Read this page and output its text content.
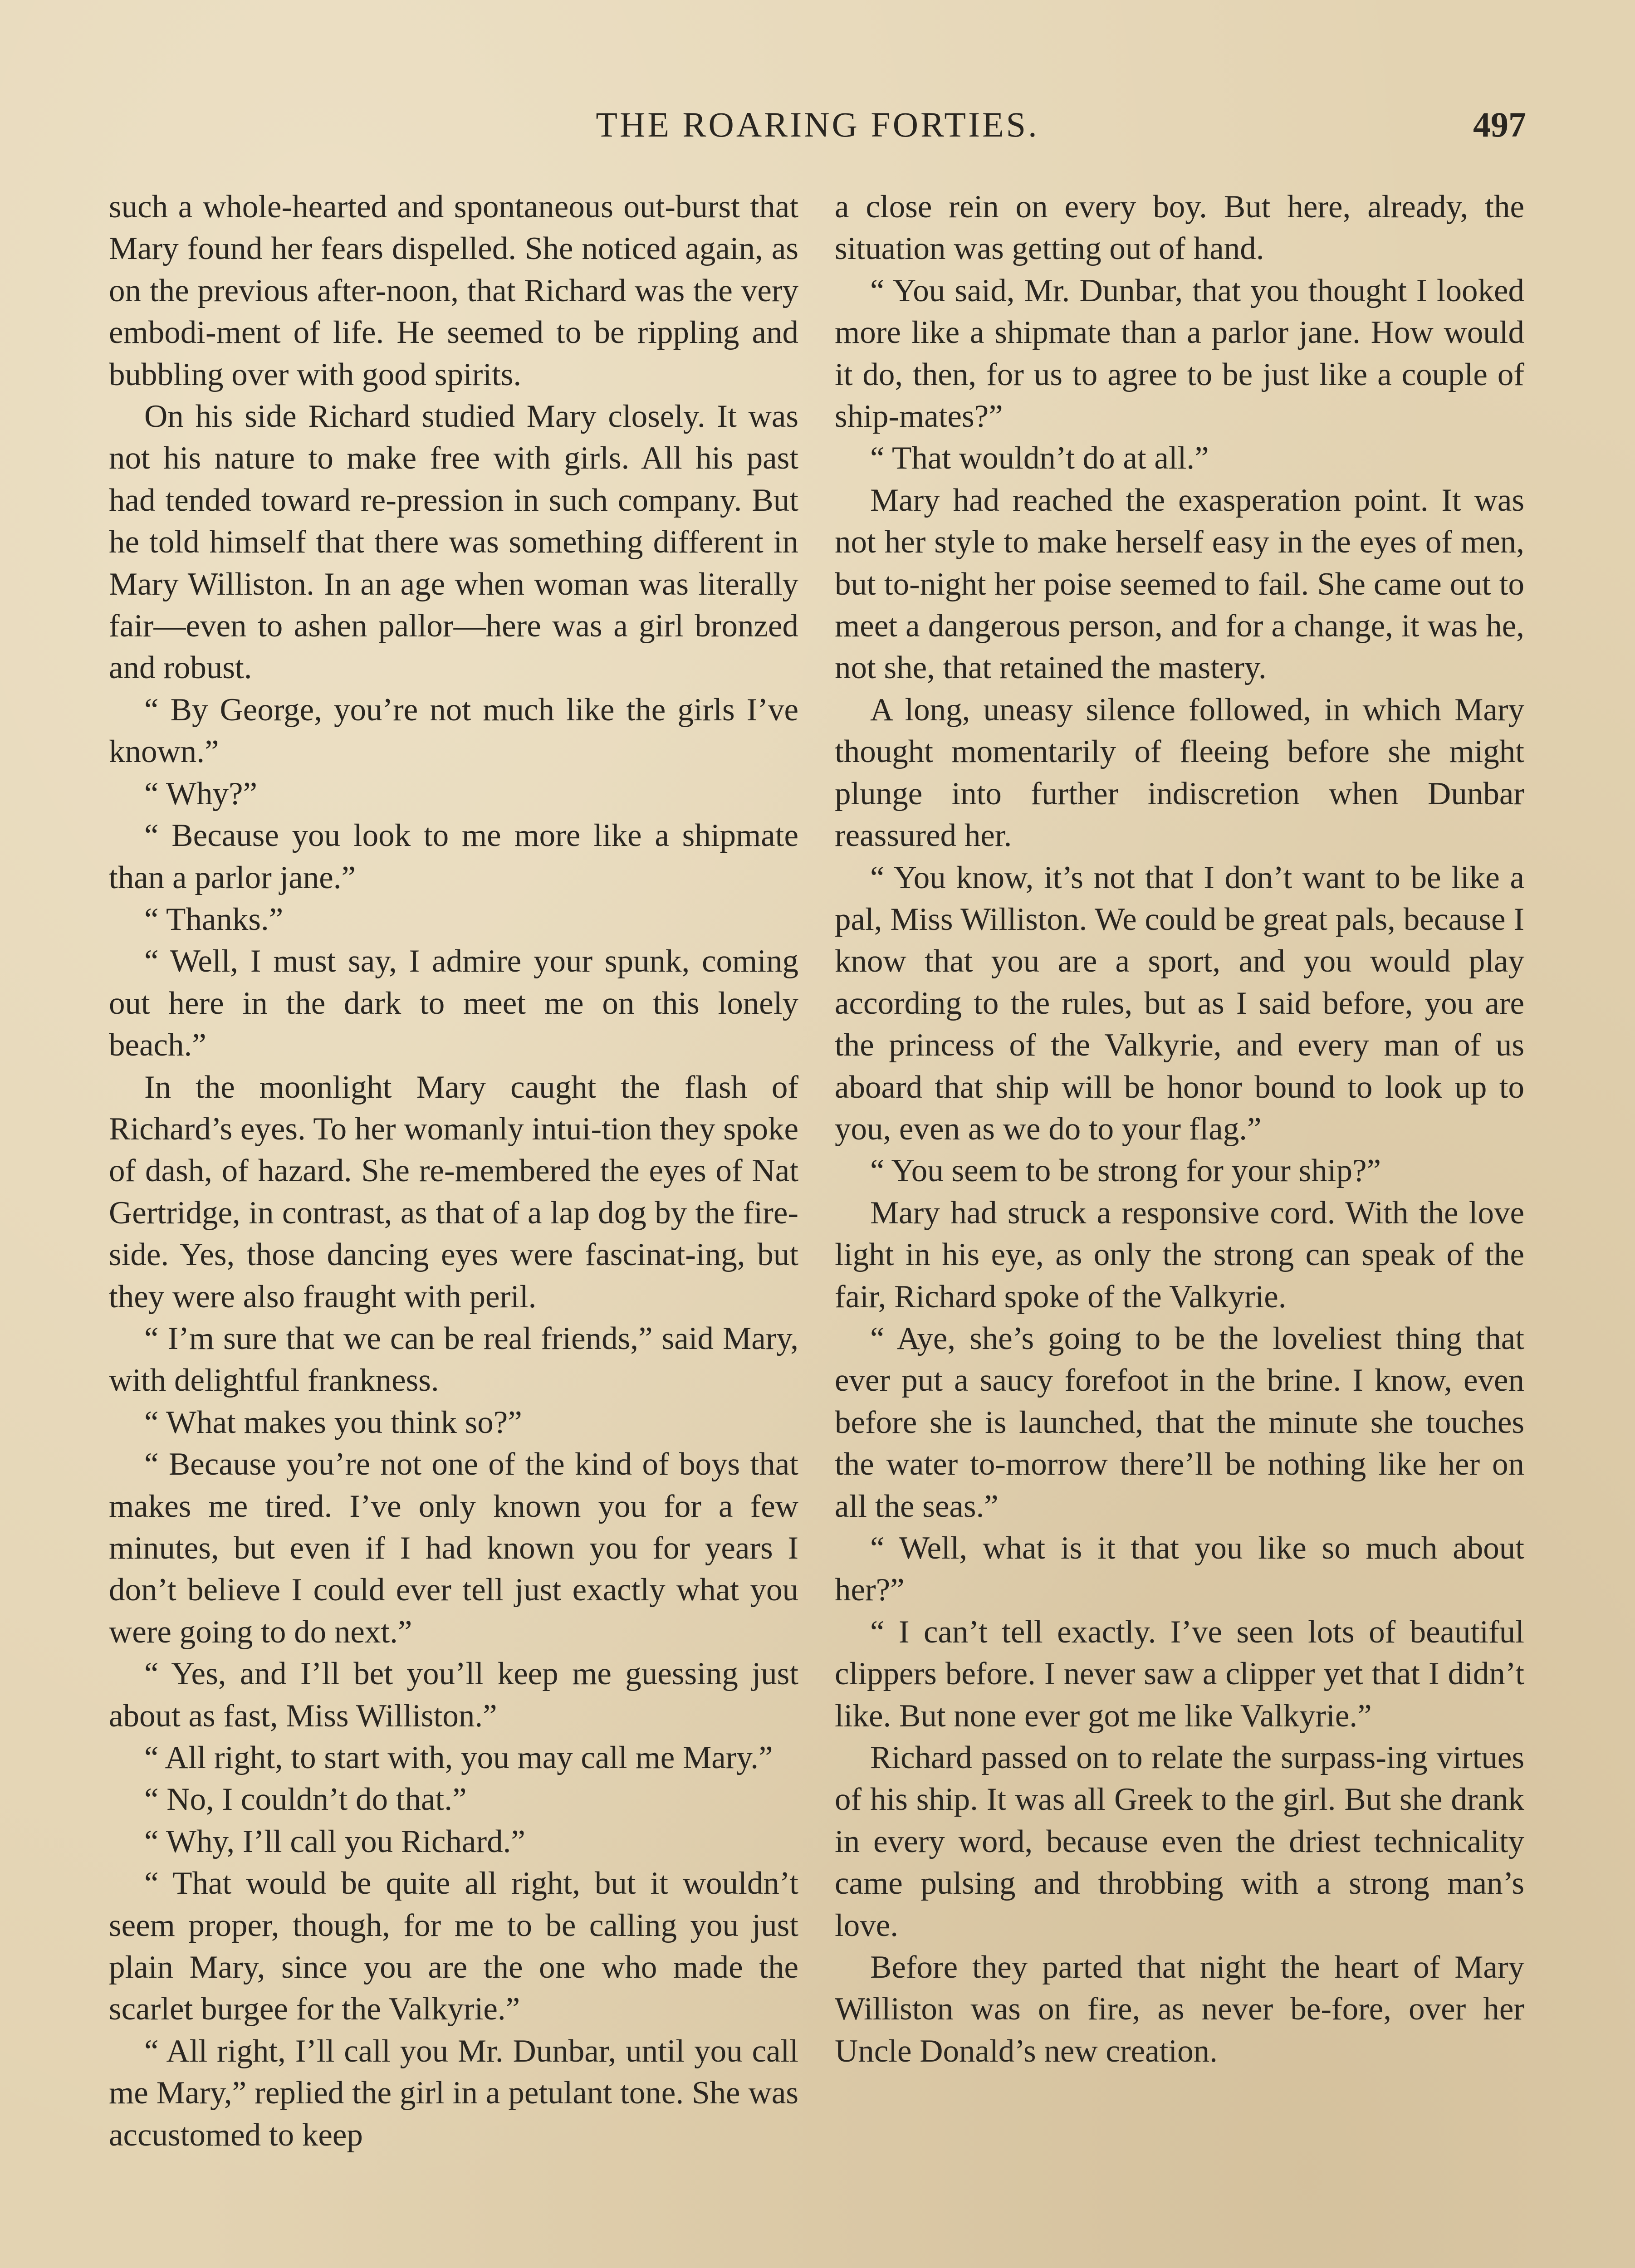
THE ROARING FORTIES.	497

such a whole-hearted and spontaneous out-burst that Mary found her fears dispelled. She noticed again, as on the previous after-noon, that Richard was the very embodi-ment of life. He seemed to be rippling and bubbling over with good spirits.

On his side Richard studied Mary closely. It was not his nature to make free with girls. All his past had tended toward re-pression in such company. But he told himself that there was something different in Mary Williston. In an age when woman was literally fair—even to ashen pallor—here was a girl bronzed and robust.

“ By George, you’re not much like the girls I’ve known.”

“ Why?”

“ Because you look to me more like a shipmate than a parlor jane.”

“ Thanks.”

“ Well, I must say, I admire your spunk, coming out here in the dark to meet me on this lonely beach.”

In the moonlight Mary caught the flash of Richard’s eyes. To her womanly intui-tion they spoke of dash, of hazard. She re-membered the eyes of Nat Gertridge, in contrast, as that of a lap dog by the fire-side. Yes, those dancing eyes were fascinat-ing, but they were also fraught with peril.

“ I’m sure that we can be real friends,” said Mary, with delightful frankness.

“ What makes you think so?”

“ Because you’re not one of the kind of boys that makes me tired. I’ve only known you for a few minutes, but even if I had known you for years I don’t believe I could ever tell just exactly what you were going to do next.”

“ Yes, and I’ll bet you’ll keep me guessing just about as fast, Miss Williston.”

“ All right, to start with, you may call me Mary.”

“ No, I couldn’t do that.”

“ Why, I’ll call you Richard.”

“ That would be quite all right, but it wouldn’t seem proper, though, for me to be calling you just plain Mary, since you are the one who made the scarlet burgee for the Valkyrie.”

“ All right, I’ll call you Mr. Dunbar, until you call me Mary,” replied the girl in a petulant tone. She was accustomed to keep

a close rein on every boy. But here, already, the situation was getting out of hand.

“ You said, Mr. Dunbar, that you thought I looked more like a shipmate than a parlor jane. How would it do, then, for us to agree to be just like a couple of ship-mates?”

“ That wouldn’t do at all.”

Mary had reached the exasperation point. It was not her style to make herself easy in the eyes of men, but to-night her poise seemed to fail. She came out to meet a dangerous person, and for a change, it was he, not she, that retained the mastery.

A long, uneasy silence followed, in which Mary thought momentarily of fleeing before she might plunge into further indiscretion when Dunbar reassured her.

“ You know, it’s not that I don’t want to be like a pal, Miss Williston. We could be great pals, because I know that you are a sport, and you would play according to the rules, but as I said before, you are the princess of the Valkyrie, and every man of us aboard that ship will be honor bound to look up to you, even as we do to your flag.”

“ You seem to be strong for your ship?”

Mary had struck a responsive cord. With the love light in his eye, as only the strong can speak of the fair, Richard spoke of the Valkyrie.

“ Aye, she’s going to be the loveliest thing that ever put a saucy forefoot in the brine. I know, even before she is launched, that the minute she touches the water to-morrow there’ll be nothing like her on all the seas.”

“ Well, what is it that you like so much about her?”

“ I can’t tell exactly. I’ve seen lots of beautiful clippers before. I never saw a clipper yet that I didn’t like. But none ever got me like Valkyrie.”

Richard passed on to relate the surpass-ing virtues of his ship. It was all Greek to the girl. But she drank in every word, because even the driest technicality came pulsing and throbbing with a strong man’s love.

Before they parted that night the heart of Mary Williston was on fire, as never be-fore, over her Uncle Donald’s new creation.
